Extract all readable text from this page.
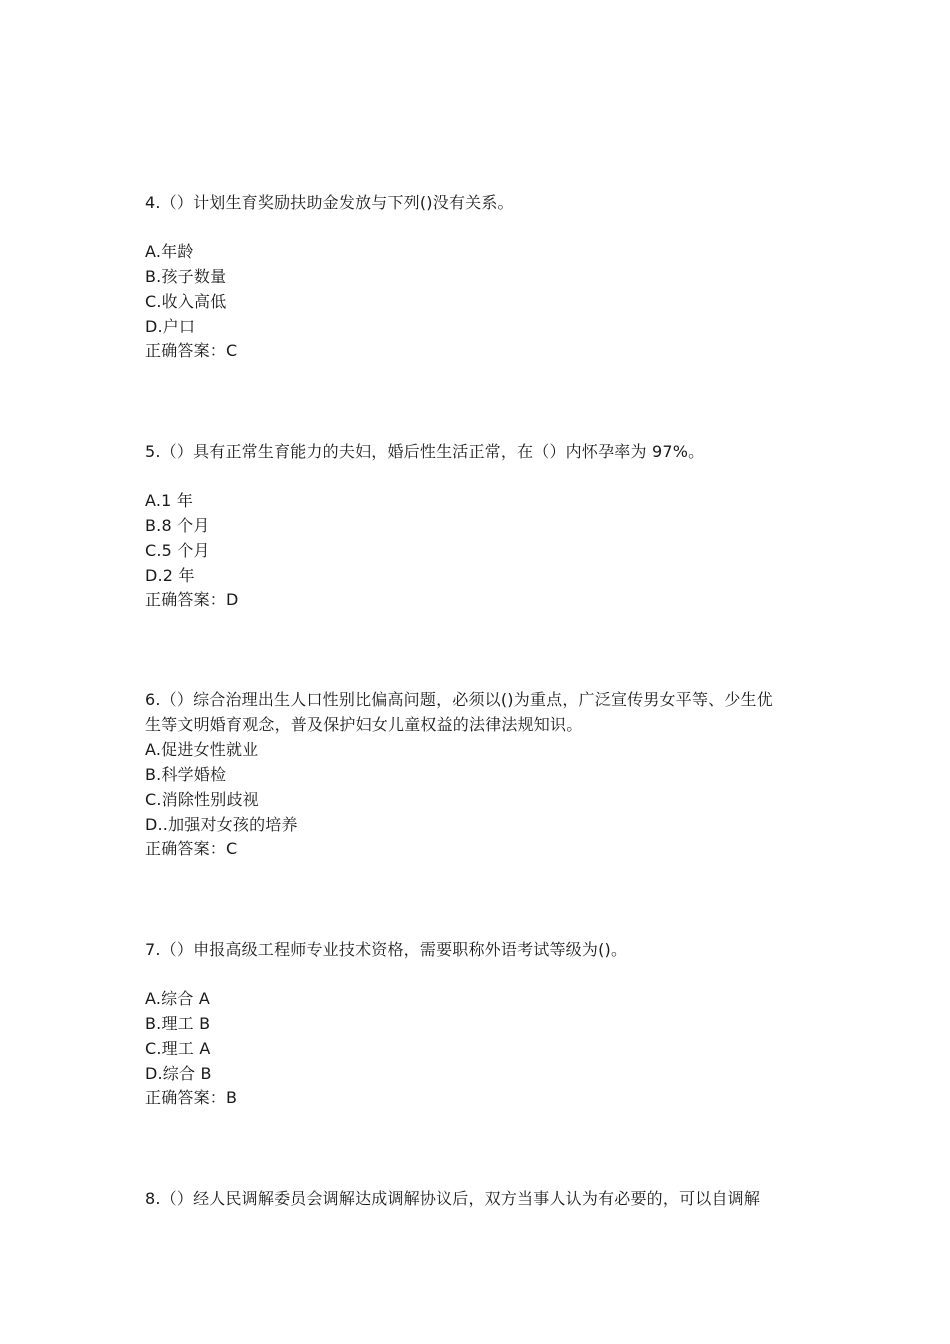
4.（）计划生育奖励扶助金发放与下列()没有关系。
A.年龄
B.孩子数量
C.收入高低
D.户口
正确答案：C
5.（）具有正常生育能力的夫妇，婚后性生活正常，在（）内怀孕率为 97%。
A.1 年
B.8 个月
C.5 个月
D.2 年
正确答案：D
6.（）综合治理出生人口性别比偏高问题，必须以()为重点，广泛宣传男女平等、少生优
生等文明婚育观念，普及保护妇女儿童权益的法律法规知识。
A.促进女性就业
B.科学婚检
C.消除性别歧视
D..加强对女孩的培养
正确答案：C
7.（）申报高级工程师专业技术资格，需要职称外语考试等级为()。
A.综合 A
B.理工 B
C.理工 A
D.综合 B
正确答案：B
8.（）经人民调解委员会调解达成调解协议后，双方当事人认为有必要的，可以自调解
